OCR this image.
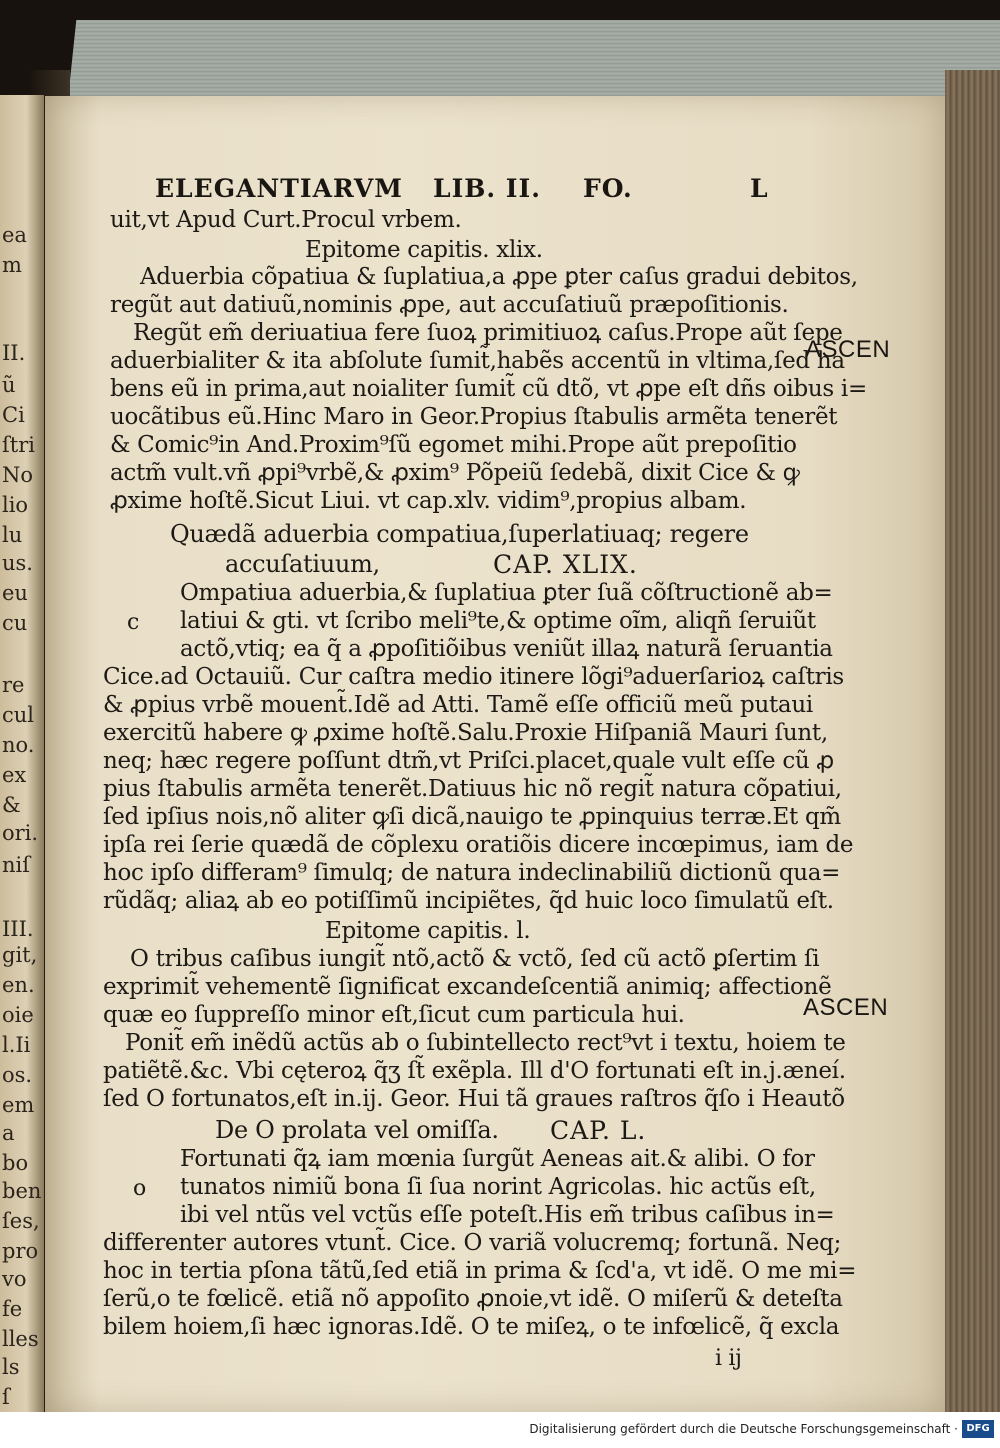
ea
m
II.
ũ
Ci
ſtri
No
lio
lu
us.
eu
cu
re
cul
no.
ex
&
ori.
niſ
III.
git,
en.
oie
l.Ii
os.
em
a
bo
ben
ſes,
pro
vo
fe
lles
ls
ſ
ELEGANTIARVM LIB. II. FO.	L
uit,vt Apud Curt.Procul vrbem.
Epitome capitis. xlix.
Aduerbia cõpatiua & ſuplatiua,a ꝓpe ꝑter caſus gradui debitos,
regũt aut datiuũ,nominis ꝓpe, aut accuſatiuũ præpoſitionis.
Regũt em̃ deriuatiua fere ſuoꝝ primitiuoꝝ caſus.Prope aũt ſepe
aduerbialiter & ita abſolute ſumit̃,habẽs accentũ in vltima,ſed ha
bens eũ in prima,aut noialiter ſumit̃ cũ dtõ, vt ꝓpe eſt dñs oibus i=
uocãtibus eũ.Hinc Maro in Geor.Propius ſtabulis armẽta tenerẽt
& Comic⁹in And.Proxim⁹ſũ egomet mihi.Prope aũt prepoſitio
actm̃ vult.vñ ꝓpi⁹vrbẽ,& ꝓxim⁹ Põpeiũ ſedebã, dixit Cice & ꝙ
ꝓxime hoſtẽ.Sicut Liui. vt cap.xlv. vidim⁹,propius albam.
Quædã aduerbia compatiua,ſuperlatiuaq; regere
accuſatiuum,	CAP. XLIX.
Ompatiua aduerbia,& ſuplatiua ꝑter ſuã cõſtructionẽ ab=
c latiui & gti. vt ſcribo meli⁹te,& optime oĩm, aliqñ ſeruiũt
actõ,vtiq; ea q̃ a ꝓpoſitiõibus veniũt illaꝝ naturã ſeruantia
Cice.ad Octauiũ. Cur caſtra medio itinere lõgi⁹aduerſarioꝝ caſtris
& ꝓpius vrbẽ mouent̃.Idẽ ad Atti. Tamẽ eſſe officiũ meũ putaui
exercitũ habere ꝙ ꝓxime hoſtẽ.Salu.Proxie Hiſpaniã Mauri ſunt,
neq; hæc regere poſſunt dtm̃,vt Priſci.placet,quale vult eſſe cũ ꝓ
pius ſtabulis armẽta tenerẽt.Datiuus hic nõ regit̃ natura cõpatiui,
ſed ipſius nois,nõ aliter ꝙſi dicã,nauigo te ꝓpinquius terræ.Et qm̃
ipſa rei ſerie quædã de cõplexu oratiõis dicere incœpimus, iam de
hoc ipſo differam⁹ ſimulq; de natura indeclinabiliũ dictionũ qua=
rũdãq; aliaꝝ ab eo potiſſimũ incipiẽtes, q̃d huic loco ſimulatũ eſt.
Epitome capitis. l.
O tribus caſibus iungit̃ ntõ,actõ & vctõ, ſed cũ actõ ꝑſertim ſi
exprimit̃ vehementẽ ſignificat excandeſcentiã animiq; affectionẽ
quæ eo ſuppreſſo minor eſt,ſicut cum particula hui.
Ponit̃ em̃ inẽdũ actũs ab o ſubintellecto rect⁹vt i textu, hoiem te
patiẽtẽ.&c. Vbi cęteroꝝ q̃ʒ ſt̃ exẽpla. Ill d'O fortunati eſt in.j.æneí.
ſed O fortunatos,eſt in.ij. Geor. Hui tã graues raſtros q̃ſo i Heautõ
De O prolata vel omiſſa. CAP. L.
Fortunati q̃ꝝ iam mœnia ſurgũt Aeneas ait.& alibi. O for
o tunatos nimiũ bona ſi ſua norint Agricolas. hic actũs eſt,
ibi vel ntũs vel vctũs eſſe poteſt.His em̃ tribus caſibus in=
differenter autores vtunt̃. Cice. O variã volucremq; fortunã. Neq;
hoc in tertia pſona tãtũ,ſed etiã in prima & ſcd'a, vt idẽ. O me mi=
ſerũ,o te fœlicẽ. etiã nõ appoſito ꝓnoie,vt idẽ. O miſerũ & deteſta
bilem hoiem,ſi hæc ignoras.Idẽ. O te miſeꝝ, o te infœlicẽ, q̃ excla
i ij
ASCEN
ASCEN
Digitalisierung gefördert durch die Deutsche Forschungsgemeinschaft · DFG
